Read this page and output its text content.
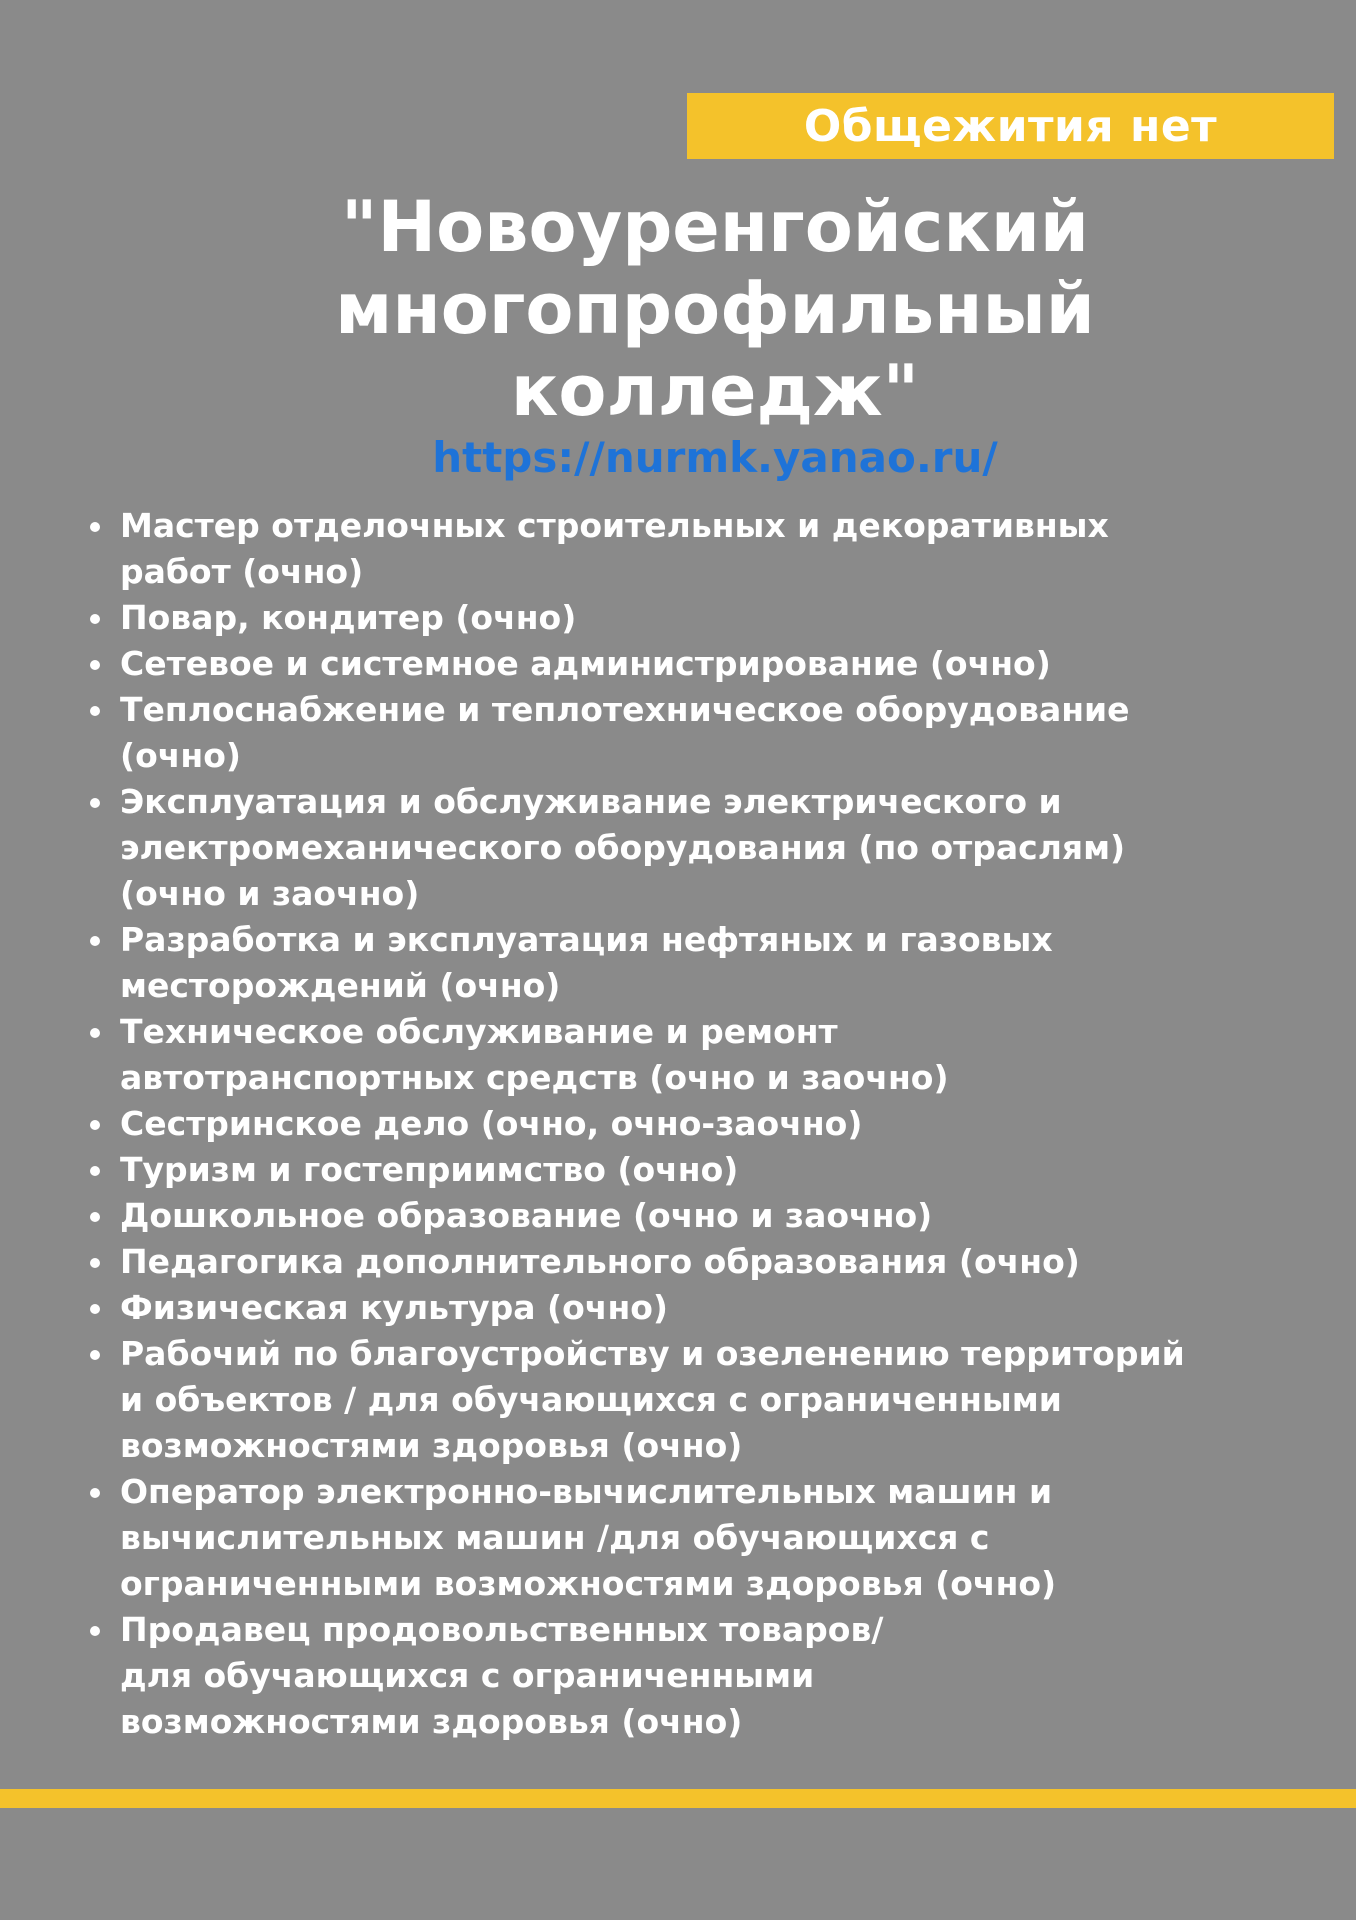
Общежития нет
"Новоуренгойский
многопрофильный
колледж"
https://nurmk.yanao.ru/
Мастер отделочных строительных и декоративных
работ (очно)
Повар, кондитер (очно)
Сетевое и системное администрирование (очно)
Теплоснабжение и теплотехническое оборудование
(очно)
Эксплуатация и обслуживание электрического и
электромеханического оборудования (по отраслям)
(очно и заочно)
Разработка и эксплуатация нефтяных и газовых
месторождений (очно)
Техническое обслуживание и ремонт
автотранспортных средств (очно и заочно)
Сестринское дело (очно, очно-заочно)
Туризм и гостеприимство (очно)
Дошкольное образование (очно и заочно)
Педагогика дополнительного образования (очно)
Физическая культура (очно)
Рабочий по благоустройству и озеленению территорий
и объектов / для обучающихся с ограниченными
возможностями здоровья (очно)
Оператор электронно-вычислительных машин и
вычислительных машин /для обучающихся с
ограниченными возможностями здоровья (очно)
Продавец продовольственных товаров/
для обучающихся с ограниченными
возможностями здоровья (очно)
